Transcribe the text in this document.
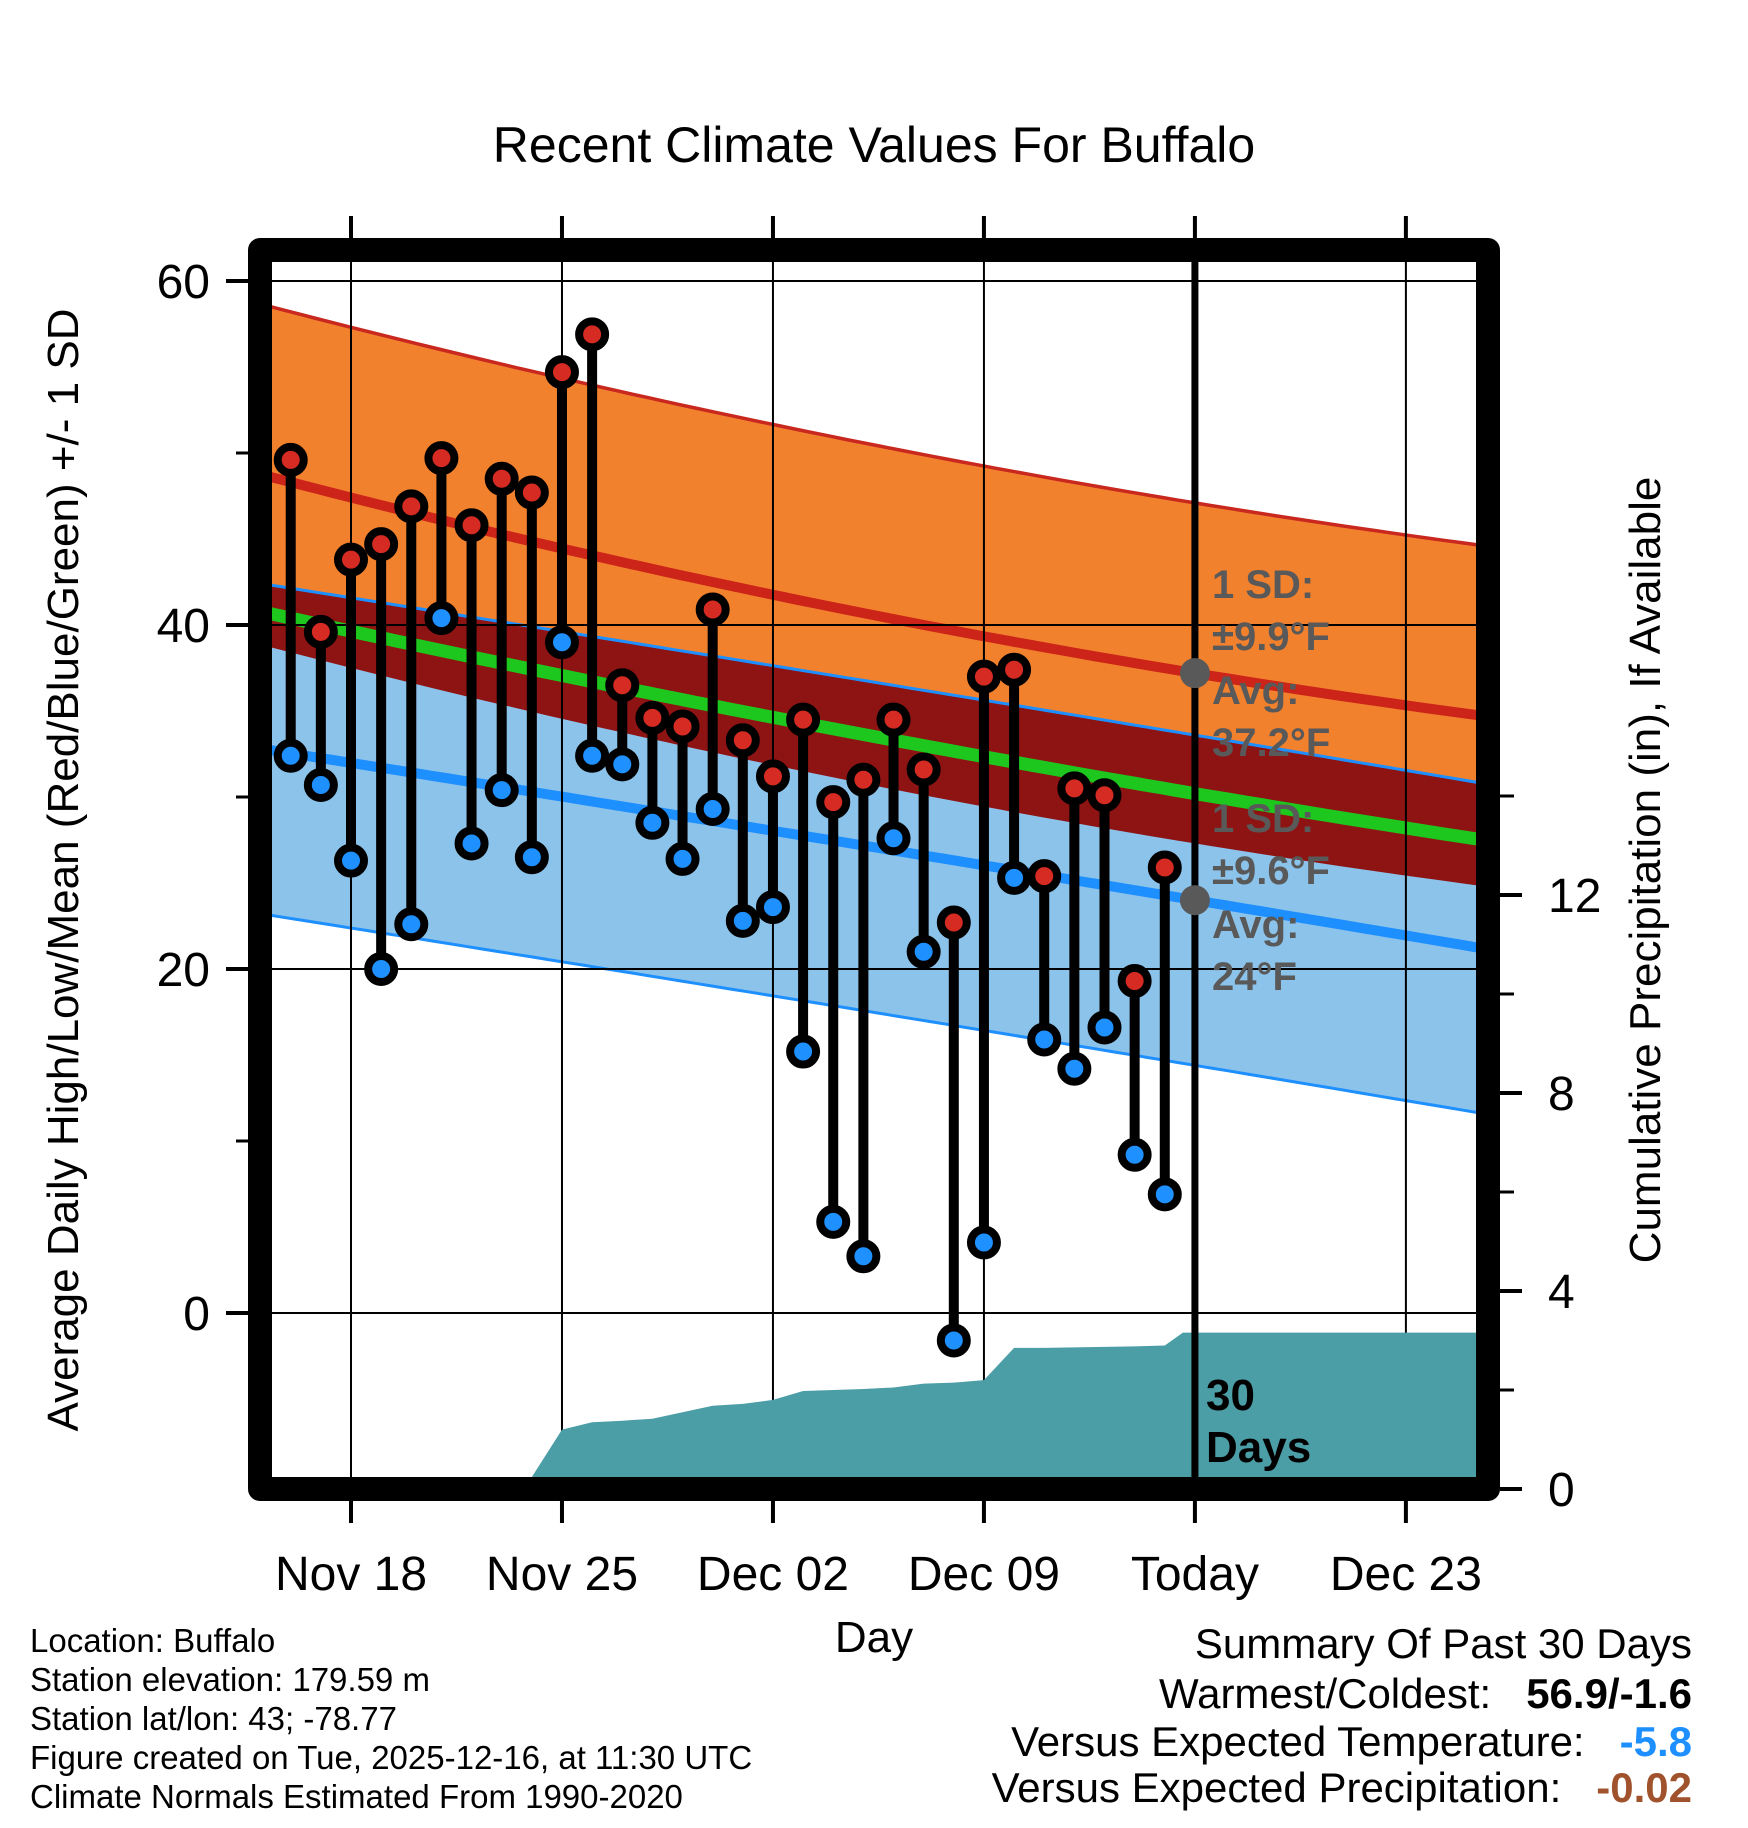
Recent Climate Values For Buffalo
Average Daily High/Low/Mean (Red/Blue/Green) +/- 1 SD	Cumulative Precipitation (in), If Available
Day
1 SD:
±9.9°F
Avg:
37.2°F
1 SD:
±9.6°F
Avg:
24°F
30
Days
0
20
40
60
0
4
8
12
Nov 18 Nov 25 Dec 02 Dec 09 Today Dec 23
Location: Buffalo
Station elevation: 179.59 m
Station lat/lon: 43; -78.77
Figure created on Tue, 2025-12-16, at 11:30 UTC
Climate Normals Estimated From 1990-2020
Summary Of Past 30 Days
Warmest/Coldest: 56.9/-1.6
Versus Expected Temperature: -5.8
Versus Expected Precipitation: -0.02
